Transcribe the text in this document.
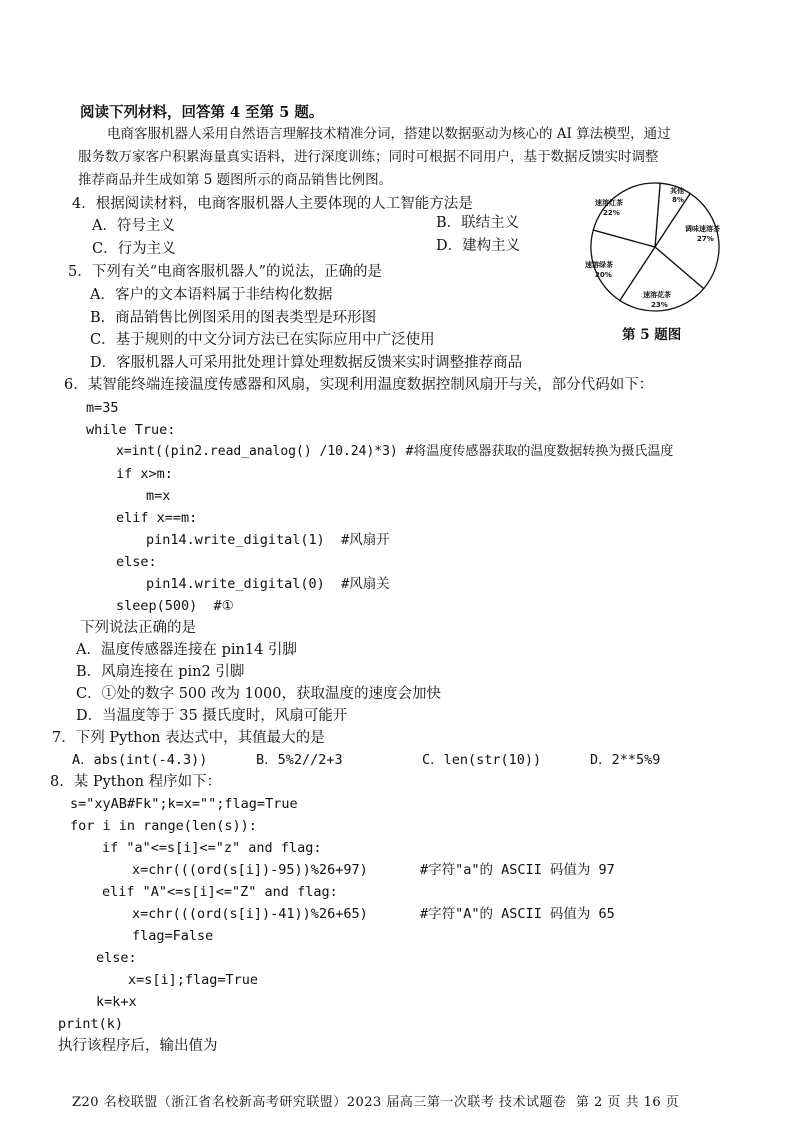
阅读下列材料，回答第 4 至第 5 题。
电商客服机器人采用自然语言理解技术精准分词，搭建以数据驱动为核心的 AI 算法模型，通过
服务数万家客户积累海量真实语料，进行深度训练；同时可根据不同用户，基于数据反馈实时调整
推荐商品并生成如第 5 题图所示的商品销售比例图。
4．根据阅读材料，电商客服机器人主要体现的人工智能方法是
A．符号主义	B．联结主义
C．行为主义	D．建构主义
5．下列有关“电商客服机器人”的说法，正确的是
A．客户的文本语料属于非结构化数据
B．商品销售比例图采用的图表类型是环形图
C．基于规则的中文分词方法已在实际应用中广泛使用
D．客服机器人可采用批处理计算处理数据反馈来实时调整推荐商品
其他
8%
调味速溶茶
27%
速溶花茶
23%
速溶绿茶
20%
速溶红茶
22%
第 5 题图
6．某智能终端连接温度传感器和风扇，实现利用温度数据控制风扇开与关，部分代码如下：
m=35
while True:
x=int((pin2.read_analog() /10.24)*3) #将温度传感器获取的温度数据转换为摄氏温度
if x>m:
m=x
elif x==m:
pin14.write_digital(1)  #风扇开
else:
pin14.write_digital(0)  #风扇关
sleep(500)  #①
下列说法正确的是
A．温度传感器连接在 pin14 引脚
B．风扇连接在 pin2 引脚
C．①处的数字 500 改为 1000，获取温度的速度会加快
D．当温度等于 35 摄氏度时，风扇可能开
7．下列 Python 表达式中，其值最大的是
A．abs(int(-4.3))	B．5%2//2+3	C．len(str(10))	D．2**5%9
8．某 Python 程序如下：
s="xyAB#Fk";k=x="";flag=True
for i in range(len(s)):
if "a"<=s[i]<="z" and flag:
x=chr(((ord(s[i])-95))%26+97)	#字符"a"的 ASCII 码值为 97
elif "A"<=s[i]<="Z" and flag:
x=chr(((ord(s[i])-41))%26+65)	#字符"A"的 ASCII 码值为 65
flag=False
else:
x=s[i];flag=True
k=k+x
print(k)
执行该程序后，输出值为
Z20 名校联盟（浙江省名校新高考研究联盟）2023 届高三第一次联考 技术试题卷  第 2 页 共 16 页
